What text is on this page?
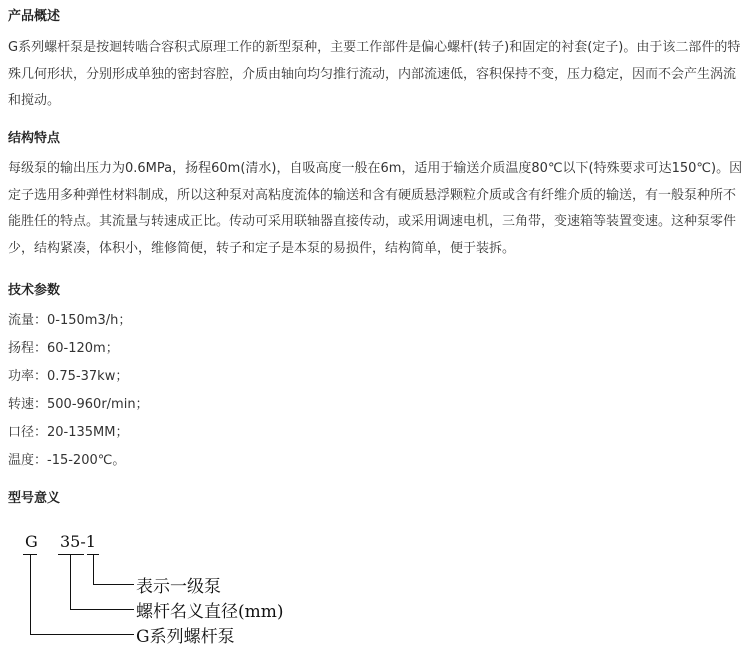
产品概述

G系列螺杆泵是按迴转啮合容积式原理工作的新型泵种，主要工作部件是偏心螺杆(转子)和固定的衬套(定子)。由于该二部件的特殊几何形状，分别形成单独的密封容腔，介质由轴向均匀推行流动，内部流速低，容积保持不变，压力稳定，因而不会产生涡流和搅动。

结构特点

每级泵的输出压力为0.6MPa，扬程60m(清水)，自吸高度一般在6m，适用于输送介质温度80℃以下(特殊要求可达150℃)。因定子选用多种弹性材料制成，所以这种泵对高粘度流体的输送和含有硬质悬浮颗粒介质或含有纤维介质的输送，有一般泵种所不能胜任的特点。其流量与转速成正比。传动可采用联轴器直接传动，或采用调速电机，三角带，变速箱等装置变速。这种泵零件少，结构紧凑，体积小，维修简便，转子和定子是本泵的易损件，结构简单，便于装拆。

技术参数
流量：0-150m3/h；
扬程：60-120m；
功率：0.75-37kw；
转速：500-960r/min；
口径：20-135MM；
温度：-15-200℃。
型号意义
G 35-1
表示一级泵
螺杆名义直径(mm)
G系列螺杆泵
